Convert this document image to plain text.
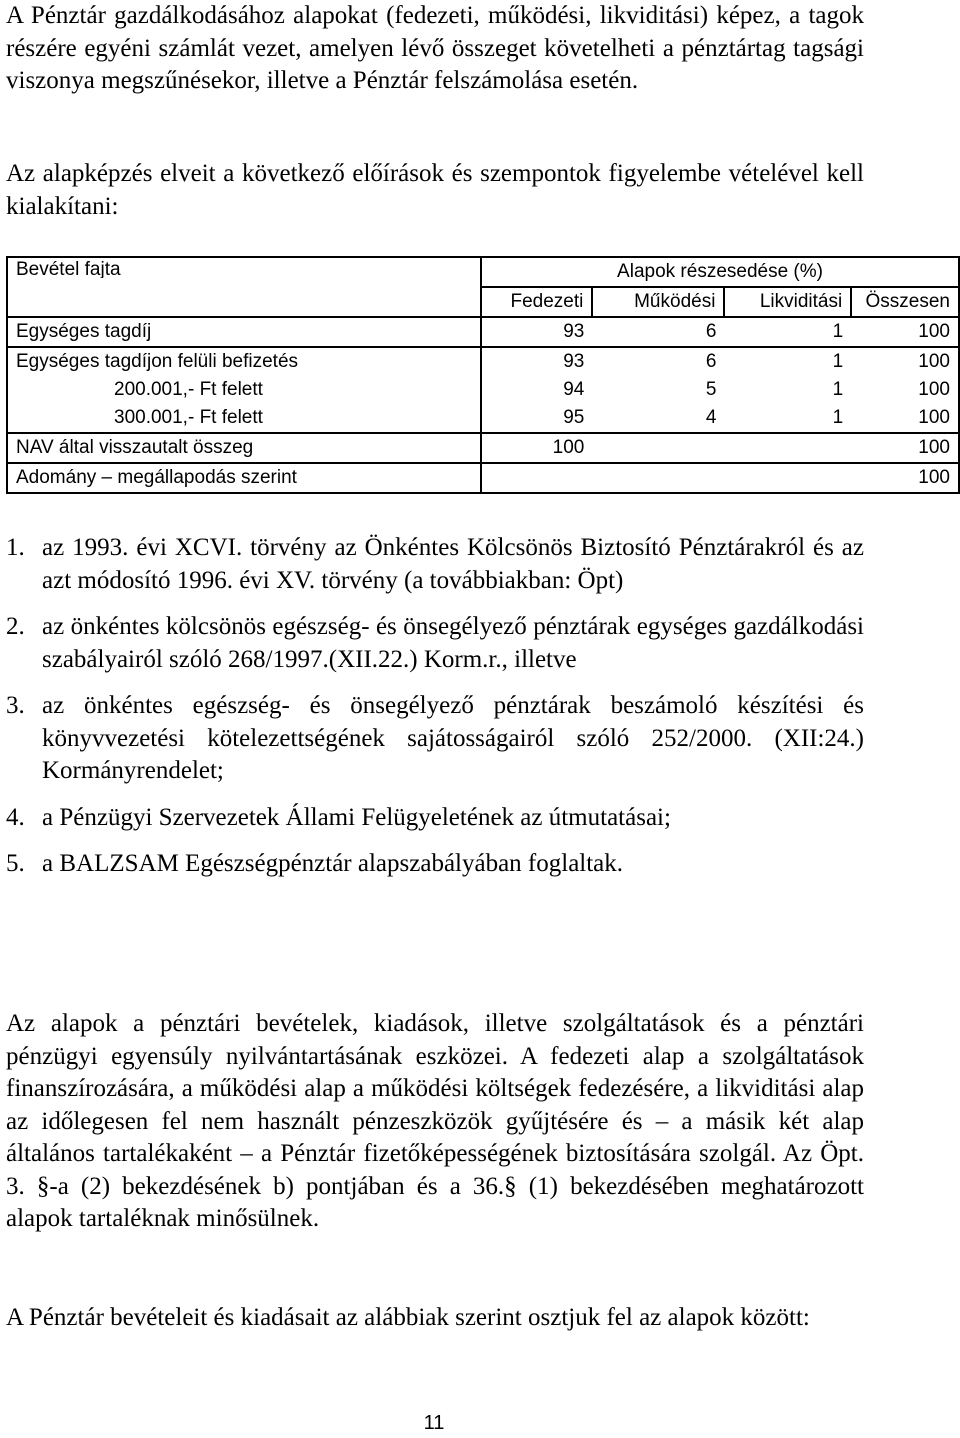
A Pénztár gazdálkodásához alapokat (fedezeti, működési, likviditási) képez, a tagok részére egyéni számlát vezet, amelyen lévő összeget követelheti a pénztártag tagsági viszonya megszűnésekor, illetve a Pénztár felszámolása esetén.

Az alapképzés elveit a következő előírások és szempontok figyelembe vételével kell kialakítani:

Bevétel fajta	Alapok részesedése (%)			
	Fedezeti	Működési	Likviditási	Összesen
Egységes tagdíj	93	6	1	100
Egységes tagdíjon felüli befizetés	93	6	1	100
200.001,- Ft felett	94	5	1	100
300.001,- Ft felett	95	4	1	100
NAV által visszautalt összeg	100			100
Adomány – megállapodás szerint				100
1. az 1993. évi XCVI. törvény az Önkéntes Kölcsönös Biztosító Pénztárakról és az azt módosító 1996. évi XV. törvény (a továbbiakban: Öpt)
2. az önkéntes kölcsönös egészség- és önsegélyező pénztárak egységes gazdálkodási szabályairól szóló 268/1997.(XII.22.) Korm.r., illetve
3. az önkéntes egészség- és önsegélyező pénztárak beszámoló készítési és könyvvezetési kötelezettségének sajátosságairól szóló 252/2000. (XII:24.) Kormányrendelet;
4. a Pénzügyi Szervezetek Állami Felügyeletének az útmutatásai;
5. a BALZSAM Egészségpénztár alapszabályában foglaltak.

Az alapok a pénztári bevételek, kiadások, illetve szolgáltatások és a pénztári pénzügyi egyensúly nyilvántartásának eszközei. A fedezeti alap a szolgáltatások finanszírozására, a működési alap a működési költségek fedezésére, a likviditási alap az időlegesen fel nem használt pénzeszközök gyűjtésére és – a másik két alap általános tartalékaként – a Pénztár fizetőképességének biztosítására szolgál. Az Öpt. 3. §-a (2) bekezdésének b) pontjában és a 36.§ (1) bekezdésében meghatározott alapok tartaléknak minősülnek.

A Pénztár bevételeit és kiadásait az alábbiak szerint osztjuk fel az alapok között:

11
